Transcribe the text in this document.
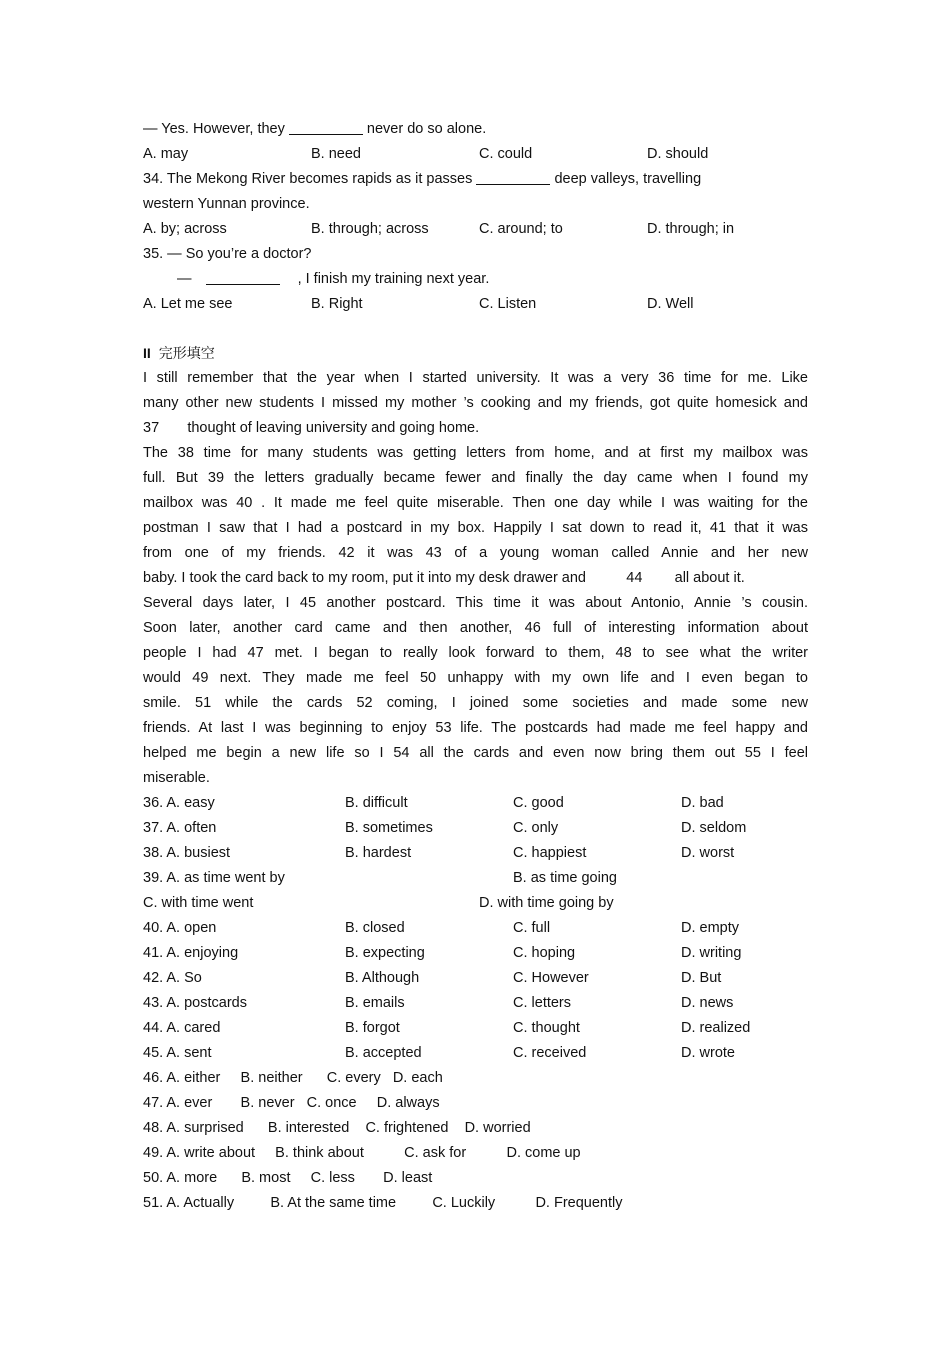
— Yes. However, they	never do so alone.
A. may	B. need	C. could	D. should
34. The Mekong River becomes rapids as it passes	deep valleys, travelling
western Yunnan province.
A. by; across	B. through; across	C. around; to	D. through; in
35. — So you’re a doctor?
—	, I finish my training next year.
A. Let me see	B. Right	C. Listen	D. Well
II 完形填空
I still remember that the year when I started university. It was a very 36 time for me. Like
many other new students I missed my mother ’s cooking and my friends, got quite homesick and
37       thought of leaving university and going home.
The 38 time for many students was getting letters from home, and at first my mailbox was
full. But 39 the letters gradually became fewer and finally the day came when I found my
mailbox was 40 . It made me feel quite miserable. Then one day while I was waiting for the
postman I saw that I had a postcard in my box. Happily I sat down to read it, 41 that it was
from one of my friends. 42 it was 43 of a young woman called Annie and her new
baby. I took the card back to my room, put it into my desk drawer and          44        all about it.
Several days later, I 45 another postcard. This time it was about Antonio, Annie ’s cousin.
Soon later, another card came and then another, 46 full of interesting information about
people I had 47 met. I began to really look forward to them, 48 to see what the writer
would 49 next. They made me feel 50 unhappy with my own life and I even began to
smile. 51 while the cards 52 coming, I joined some societies and made some new
friends. At last I was beginning to enjoy 53 life. The postcards had made me feel happy and
helped me begin a new life so I 54 all the cards and even now bring them out 55 I feel
miserable.
36. A. easy	B. difficult	C. good	D. bad
37. A. often	B. sometimes	C. only	D. seldom
38. A. busiest	B. hardest	C. happiest	D. worst
39. A. as time went by	B. as time going
C. with time went	D. with time going by
40. A. open	B. closed	C. full	D. empty
41. A. enjoying	B. expecting	C. hoping	D. writing
42. A. So	B. Although	C. However	D. But
43. A. postcards	B. emails	C. letters	D. news
44. A. cared	B. forgot	C. thought	D. realized
45. A. sent	B. accepted	C. received	D. wrote
46. A. either     B. neither      C. every   D. each
47. A. ever       B. never   C. once     D. always
48. A. surprised      B. interested    C. frightened    D. worried
49. A. write about     B. think about          C. ask for          D. come up
50. A. more      B. most     C. less       D. least
51. A. Actually         B. At the same time         C. Luckily          D. Frequently
